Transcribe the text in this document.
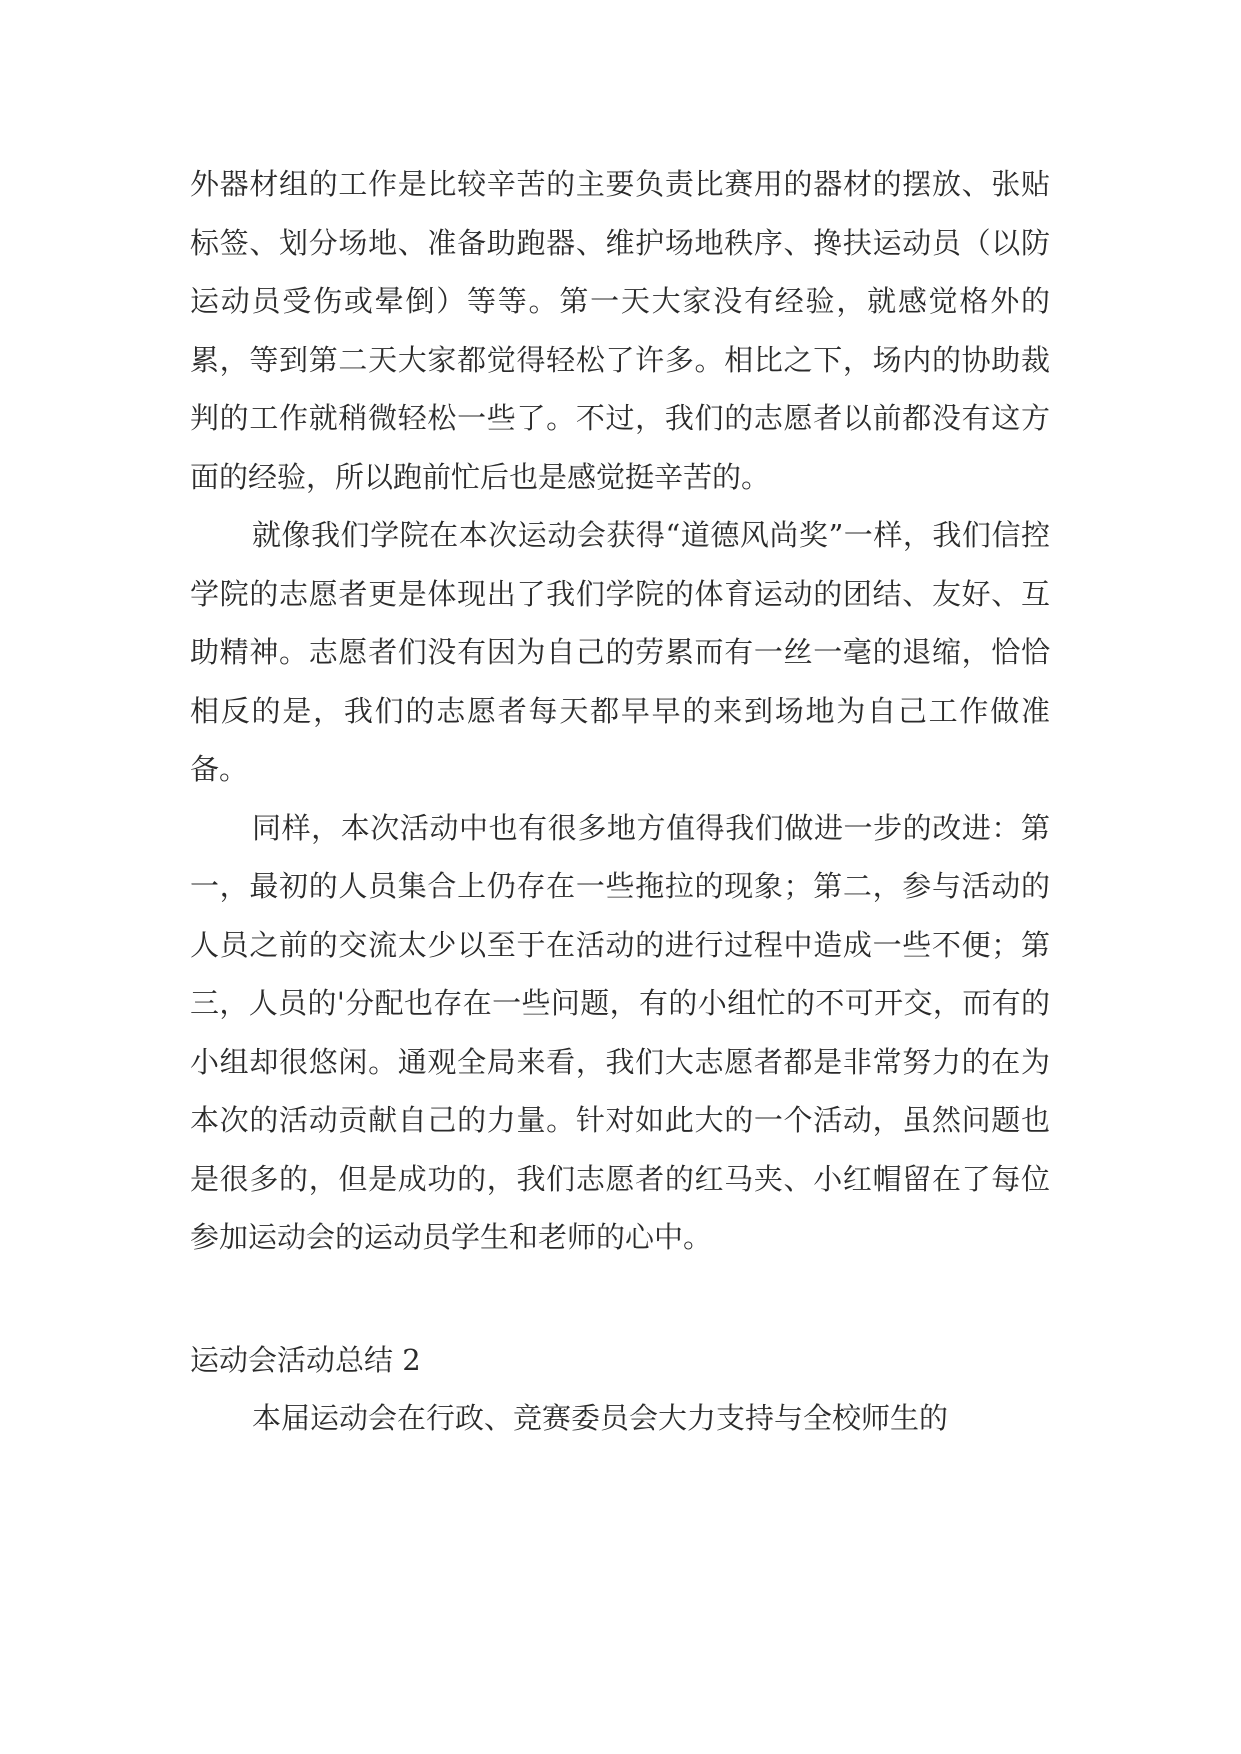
外器材组的工作是比较辛苦的主要负责比赛用的器材的摆放、张贴标签、划分场地、准备助跑器、维护场地秩序、搀扶运动员（以防运动员受伤或晕倒）等等。第一天大家没有经验，就感觉格外的累，等到第二天大家都觉得轻松了许多。相比之下，场内的协助裁判的工作就稍微轻松一些了。不过，我们的志愿者以前都没有这方面的经验，所以跑前忙后也是感觉挺辛苦的。

就像我们学院在本次运动会获得“道德风尚奖”一样，我们信控学院的志愿者更是体现出了我们学院的体育运动的团结、友好、互助精神。志愿者们没有因为自己的劳累而有一丝一毫的退缩，恰恰相反的是，我们的志愿者每天都早早的来到场地为自己工作做准备。

同样，本次活动中也有很多地方值得我们做进一步的改进：第一，最初的人员集合上仍存在一些拖拉的现象；第二，参与活动的人员之前的交流太少以至于在活动的进行过程中造成一些不便；第三，人员的'分配也存在一些问题，有的小组忙的不可开交，而有的小组却很悠闲。通观全局来看，我们大志愿者都是非常努力的在为本次的活动贡献自己的力量。针对如此大的一个活动，虽然问题也是很多的，但是成功的，我们志愿者的红马夹、小红帽留在了每位参加运动会的运动员学生和老师的心中。

运动会活动总结 2

本届运动会在行政、竞赛委员会大力支持与全校师生的
